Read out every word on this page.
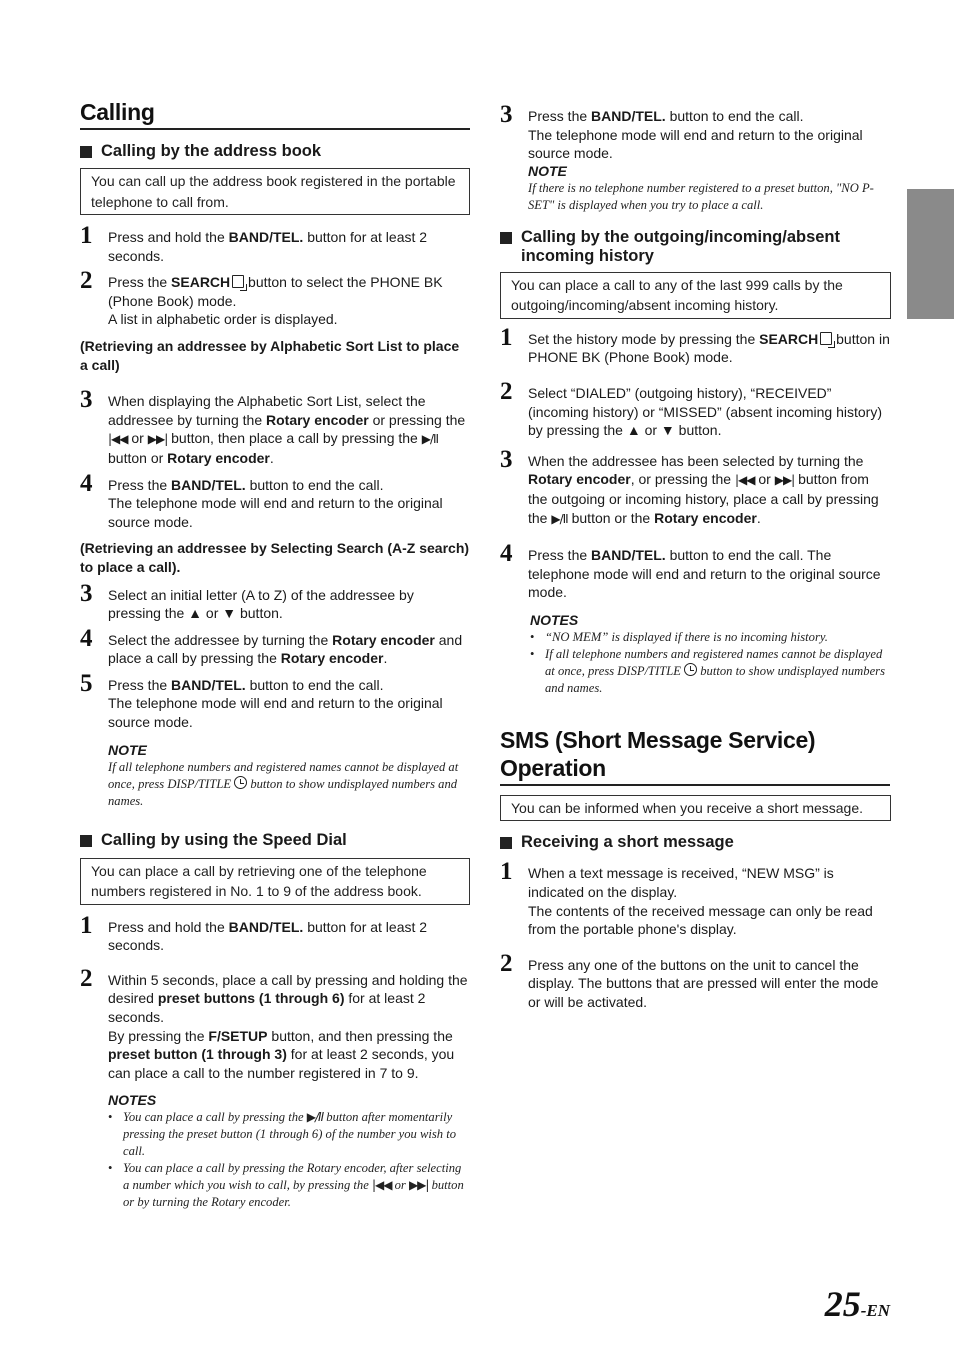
Calling
Calling by the address book
You can call up the address book registered in the portable telephone to call from.
1 Press and hold the BAND/TEL. button for at least 2 seconds.

2 Press the SEARCH button to select the PHONE BK (Phone Book) mode.

A list in alphabetic order is displayed.

(Retrieving an addressee by Alphabetic Sort List to place a call)
3 When displaying the Alphabetic Sort List, select the addressee by turning the Rotary encoder or pressing the |◀◀ or ▶▶| button, then place a call by pressing the ▶/II button or Rotary encoder.

4 Press the BAND/TEL. button to end the call.

The telephone mode will end and return to the original source mode.

(Retrieving an addressee by Selecting Search (A-Z search) to place a call).
3 Select an initial letter (A to Z) of the addressee by pressing the ▲ or ▼ button.

4 Select the addressee by turning the Rotary encoder and place a call by pressing the Rotary encoder.

5 Press the BAND/TEL. button to end the call.

The telephone mode will end and return to the original source mode.

NOTE
If all telephone numbers and registered names cannot be displayed at once, press DISP/TITLE  button to show undisplayed numbers and names.
Calling by using the Speed Dial
You can place a call by retrieving one of the telephone numbers registered in No. 1 to 9 of the address book.
1 Press and hold the BAND/TEL. button for at least 2 seconds.

2 Within 5 seconds, place a call by pressing and holding the desired preset buttons (1 through 6) for at least 2 seconds.

By pressing the F/SETUP button, and then pressing the preset button (1 through 3) for at least 2 seconds, you can place a call to the number registered in 7 to 9.

NOTES
• You can place a call by pressing the ▶/II button after momentarily pressing the preset button (1 through 6) of the number you wish to call.
• You can place a call by pressing the Rotary encoder, after selecting a number which you wish to call, by pressing the |◀◀ or ▶▶| button or by turning the Rotary encoder.
3 Press the BAND/TEL. button to end the call.

The telephone mode will end and return to the original source mode.

NOTE
If there is no telephone number registered to a preset button, "NO P-SET" is displayed when you try to place a call.
Calling by the outgoing/incoming/absent incoming history
You can place a call to any of the last 999 calls by the outgoing/incoming/absent incoming history.
1 Set the history mode by pressing the SEARCH button in PHONE BK (Phone Book) mode.

2 Select “DIALED” (outgoing history), “RECEIVED” (incoming history) or “MISSED” (absent incoming history) by pressing the ▲ or ▼ button.

3 When the addressee has been selected by turning the Rotary encoder, or pressing the |◀◀ or ▶▶| button from the outgoing or incoming history, place a call by pressing the ▶/II button or the Rotary encoder.

4 Press the BAND/TEL. button to end the call. The telephone mode will end and return to the original source mode.

NOTES
• “NO MEM” is displayed if there is no incoming history.
• If all telephone numbers and registered names cannot be displayed at once, press DISP/TITLE  button to show undisplayed numbers and names.
SMS (Short Message Service) Operation
You can be informed when you receive a short message.
Receiving a short message
1 When a text message is received, “NEW MSG” is indicated on the display.

The contents of the received message can only be read from the portable phone's display.

2 Press any one of the buttons on the unit to cancel the display. The buttons that are pressed will enter the mode or will be activated.

25-EN
